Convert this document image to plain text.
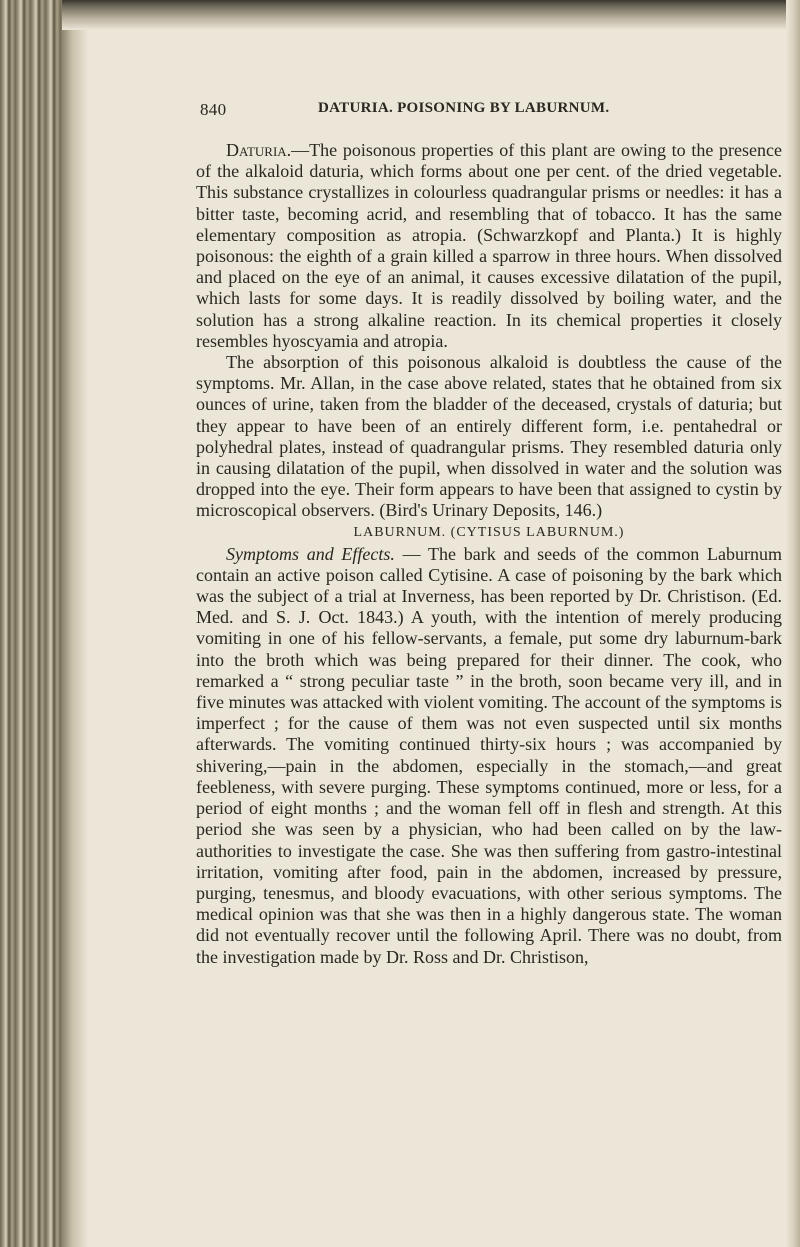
840	DATURIA. POISONING BY LABURNUM.

Daturia.—The poisonous properties of this plant are owing to the presence of the alkaloid daturia, which forms about one per cent. of the dried vegetable. This substance crystallizes in colourless quadrangular prisms or needles: it has a bitter taste, becoming acrid, and resembling that of tobacco. It has the same elementary composition as atropia. (Schwarzkopf and Planta.) It is highly poisonous: the eighth of a grain killed a sparrow in three hours. When dissolved and placed on the eye of an animal, it causes excessive dilatation of the pupil, which lasts for some days. It is readily dissolved by boiling water, and the solution has a strong alkaline reaction. In its chemical properties it closely resembles hyoscyamia and atropia.

The absorption of this poisonous alkaloid is doubtless the cause of the symptoms. Mr. Allan, in the case above related, states that he obtained from six ounces of urine, taken from the bladder of the deceased, crystals of daturia; but they appear to have been of an entirely different form, i.e. pentahedral or polyhedral plates, instead of quadrangular prisms. They resembled daturia only in causing dilatation of the pupil, when dissolved in water and the solution was dropped into the eye. Their form appears to have been that assigned to cystin by microscopical observers. (Bird's Urinary Deposits, 146.)

LABURNUM. (CYTISUS LABURNUM.)

Symptoms and Effects. — The bark and seeds of the common Laburnum contain an active poison called Cytisine. A case of poisoning by the bark which was the subject of a trial at Inverness, has been reported by Dr. Christison. (Ed. Med. and S. J. Oct. 1843.) A youth, with the intention of merely producing vomiting in one of his fellow-servants, a female, put some dry laburnum-bark into the broth which was being prepared for their dinner. The cook, who remarked a “ strong peculiar taste ” in the broth, soon became very ill, and in five minutes was attacked with violent vomiting. The account of the symptoms is imperfect ; for the cause of them was not even suspected until six months afterwards. The vomiting continued thirty-six hours ; was accompanied by shivering,—pain in the abdomen, especially in the stomach,—and great feebleness, with severe purging. These symptoms continued, more or less, for a period of eight months ; and the woman fell off in flesh and strength. At this period she was seen by a physician, who had been called on by the law-authorities to investigate the case. She was then suffering from gastro-intestinal irritation, vomiting after food, pain in the abdomen, increased by pressure, purging, tenesmus, and bloody evacuations, with other serious symptoms. The medical opinion was that she was then in a highly dangerous state. The woman did not eventually recover until the following April. There was no doubt, from the investigation made by Dr. Ross and Dr. Christison,
